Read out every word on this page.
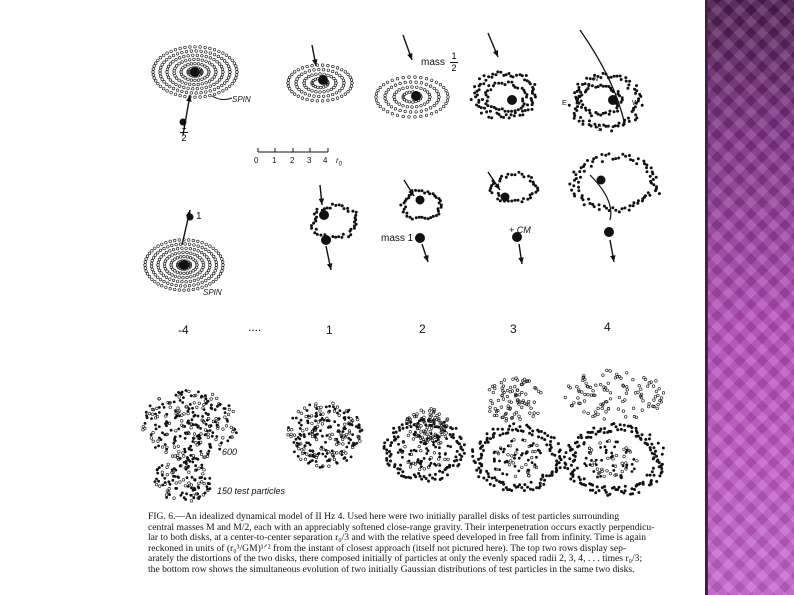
SPIN
SPIN
mass
1
2
1
2
mass 1
1
+ CM
N
E	W
S
0 1 2 3 4 $r_0$
-4	....	1	2	3	4
600
150 test particles
FIG. 6.—An idealized dynamical model of II Hz 4. Used here were two initially parallel disks of test particles surrounding
central masses M and M/2, each with an appreciably softened close-range gravity. Their interpenetration occurs exactly perpendicu-
lar to both disks, at a center-to-center separation r₀/3 and with the relative speed developed in free fall from infinity. Time is again
reckoned in units of (r₀³/GM)¹ᐟ² from the instant of closest approach (itself not pictured here). The top two rows display sep-
arately the distortions of the two disks, there composed initially of particles at only the evenly spaced radii 2, 3, 4, . . . times r₀/3;
the bottom row shows the simultaneous evolution of two initially Gaussian distributions of test particles in the same two disks.
